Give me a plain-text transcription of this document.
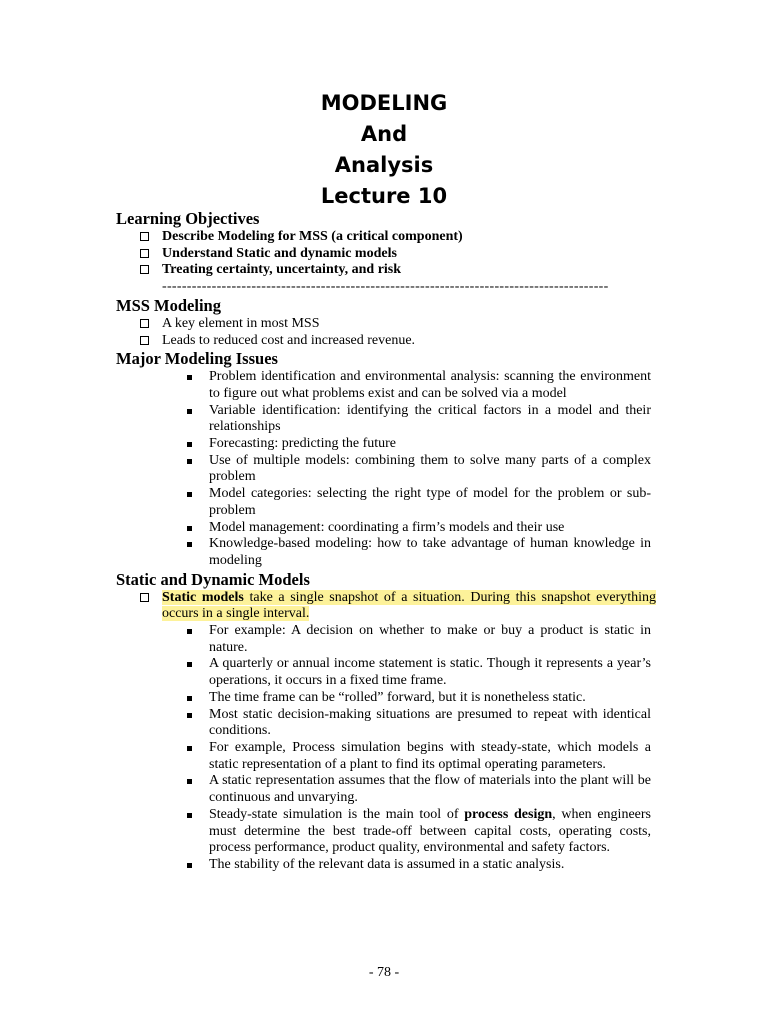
MODELING
And
Analysis
Lecture 10
Learning Objectives
Describe Modeling for MSS (a critical component)
Understand Static and dynamic models
Treating certainty, uncertainty, and risk
------------------------------------------------------------------------------------------
MSS Modeling
A key element in most MSS
Leads to reduced cost and increased revenue.
Major Modeling Issues
Problem identification and environmental analysis: scanning the environment to figure out what problems exist and can be solved via a model
Variable identification: identifying the critical factors in a model and their relationships
Forecasting: predicting the future
Use of multiple models: combining them to solve many parts of a complex problem
Model categories: selecting the right type of model for the problem or sub-problem
Model management: coordinating a firm’s models and their use
Knowledge-based modeling: how to take advantage of human knowledge in modeling
Static and Dynamic Models
Static models take a single snapshot of a situation. During this snapshot everything occurs in a single interval.
For example: A decision on whether to make or buy a product is static in nature.
A quarterly or annual income statement is static. Though it represents a year’s operations, it occurs in a fixed time frame.
The time frame can be “rolled” forward, but it is nonetheless static.
Most static decision-making situations are presumed to repeat with identical conditions.
For example, Process simulation begins with steady-state, which models a static representation of a plant to find its optimal operating parameters.
A static representation assumes that the flow of materials into the plant will be continuous and unvarying.
Steady-state simulation is the main tool of process design, when engineers must determine the best trade-off between capital costs, operating costs, process performance, product quality, environmental and safety factors.
The stability of the relevant data is assumed in a static analysis.
- 78 -
